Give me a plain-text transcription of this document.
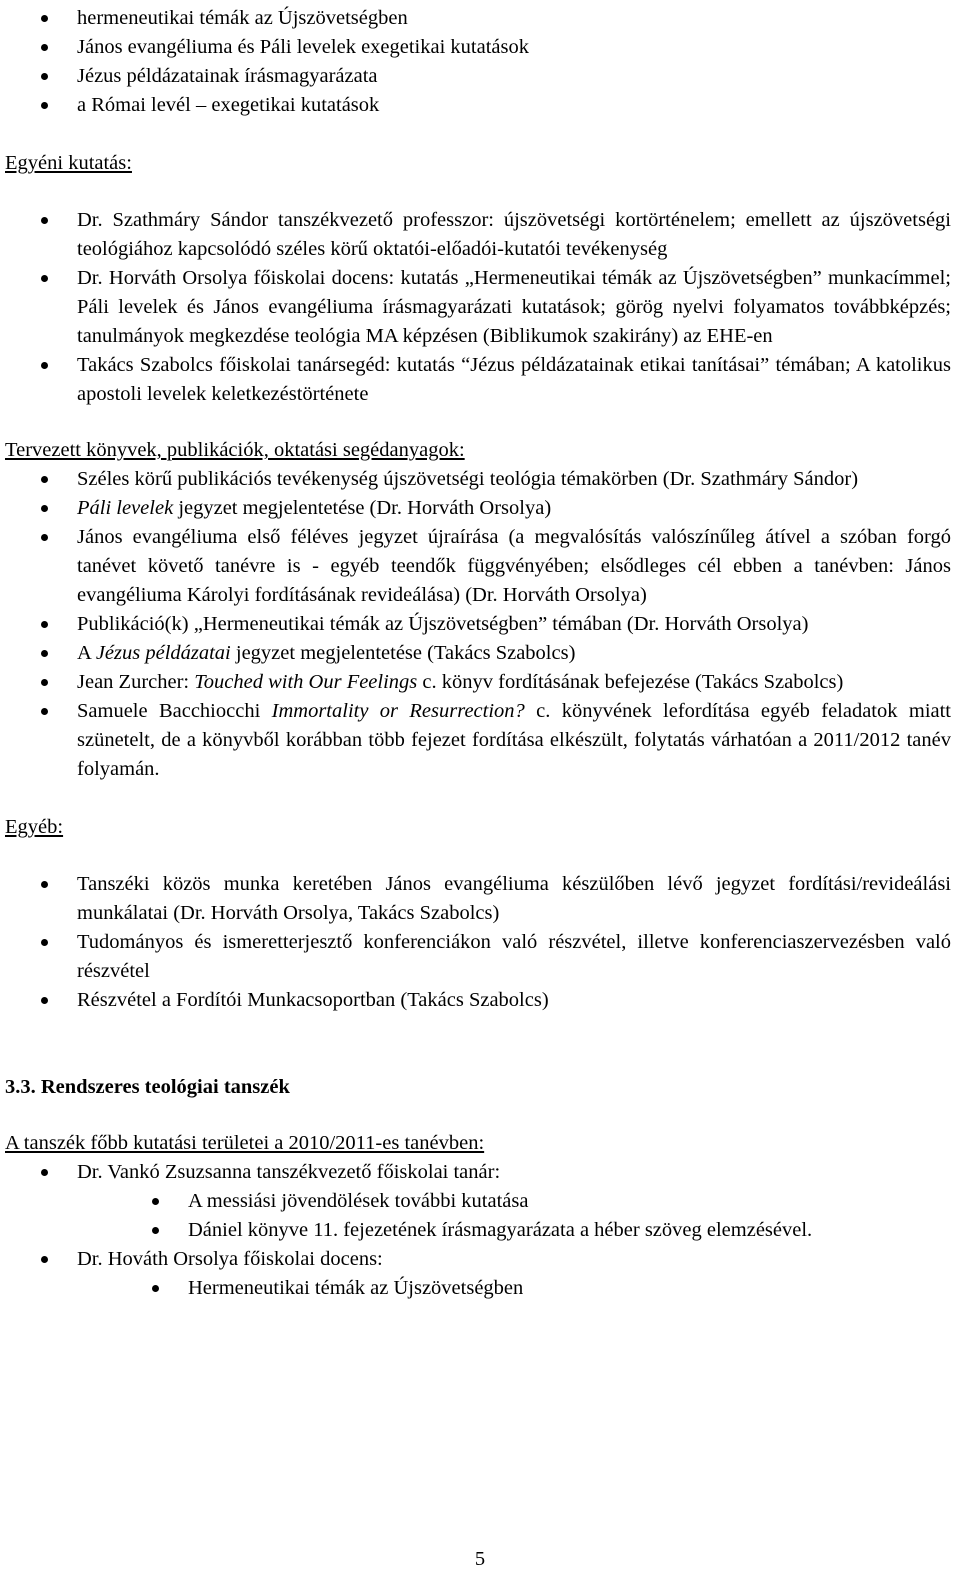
hermeneutikai témák az Újszövetségben
János evangéliuma és Páli levelek exegetikai kutatások
Jézus példázatainak írásmagyarázata
a Római levél – exegetikai kutatások

Egyéni kutatás:

Dr. Szathmáry Sándor tanszékvezető professzor: újszövetségi kortörténelem; emellett az újszövetségi teológiához kapcsolódó széles körű oktatói-előadói-kutatói tevékenység
Dr. Horváth Orsolya főiskolai docens: kutatás „Hermeneutikai témák az Újszövetségben” munkacímmel; Páli levelek és János evangéliuma írásmagyarázati kutatások; görög nyelvi folyamatos továbbképzés; tanulmányok megkezdése teológia MA képzésen (Biblikumok szakirány) az EHE-en
Takács Szabolcs főiskolai tanársegéd: kutatás “Jézus példázatainak etikai tanításai” témában; A katolikus apostoli levelek keletkezéstörténete

Tervezett könyvek, publikációk, oktatási segédanyagok:

Széles körű publikációs tevékenység újszövetségi teológia témakörben (Dr. Szathmáry Sándor)
Páli levelek jegyzet megjelentetése (Dr. Horváth Orsolya)
János evangéliuma első féléves jegyzet újraírása (a megvalósítás valószínűleg átível a szóban forgó tanévet követő tanévre is - egyéb teendők függvényében; elsődleges cél ebben a tanévben: János evangéliuma Károlyi fordításának revideálása) (Dr. Horváth Orsolya)
Publikáció(k) „Hermeneutikai témák az Újszövetségben” témában (Dr. Horváth Orsolya)
A Jézus példázatai jegyzet megjelentetése (Takács Szabolcs)
Jean Zurcher: Touched with Our Feelings c. könyv fordításának befejezése (Takács Szabolcs)
Samuele Bacchiocchi Immortality or Resurrection? c. könyvének lefordítása egyéb feladatok miatt szünetelt, de a könyvből korábban több fejezet fordítása elkészült, folytatás várhatóan a 2011/2012 tanév folyamán.

Egyéb:

Tanszéki közös munka keretében János evangéliuma készülőben lévő jegyzet fordítási/revideálási munkálatai (Dr. Horváth Orsolya, Takács Szabolcs)
Tudományos és ismeretterjesztő konferenciákon való részvétel, illetve konferenciaszervezésben való részvétel
Részvétel a Fordítói Munkacsoportban (Takács Szabolcs)

3.3. Rendszeres teológiai tanszék

A tanszék főbb kutatási területei a 2010/2011-es tanévben:

Dr. Vankó Zsuzsanna tanszékvezető főiskolai tanár:
A messiási jövendölések további kutatása
Dániel könyve 11. fejezetének írásmagyarázata a héber szöveg elemzésével.
Dr. Hováth Orsolya főiskolai docens:
Hermeneutikai témák az Újszövetségben
5
